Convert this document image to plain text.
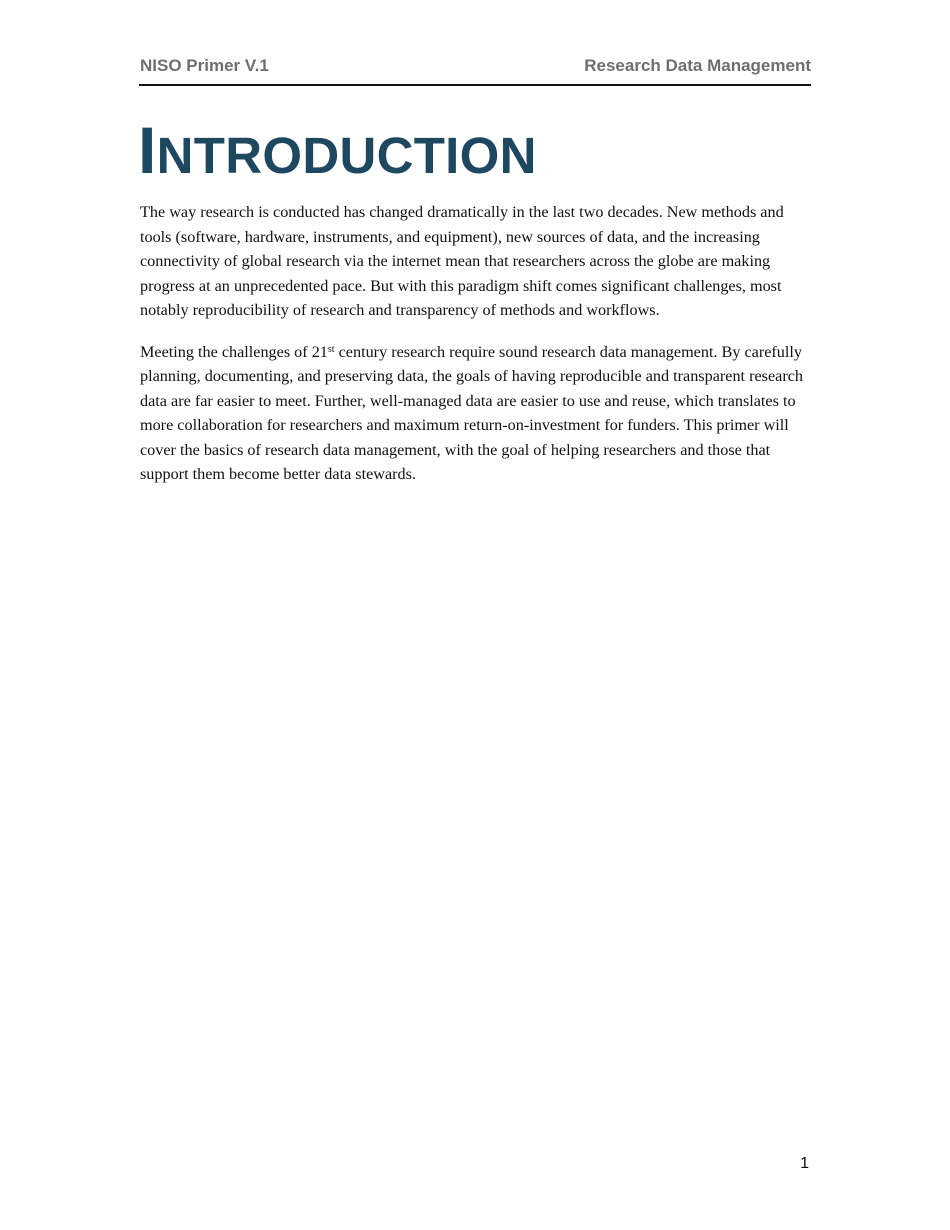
NISO Primer V.1	Research Data Management
INTRODUCTION

The way research is conducted has changed dramatically in the last two decades. New methods and tools (software, hardware, instruments, and equipment), new sources of data, and the increasing connectivity of global research via the internet mean that researchers across the globe are making progress at an unprecedented pace. But with this paradigm shift comes significant challenges, most notably reproducibility of research and transparency of methods and workflows.

Meeting the challenges of 21st century research require sound research data management. By carefully planning, documenting, and preserving data, the goals of having reproducible and transparent research data are far easier to meet. Further, well-managed data are easier to use and reuse, which translates to more collaboration for researchers and maximum return-on-investment for funders. This primer will cover the basics of research data management, with the goal of helping researchers and those that support them become better data stewards.

1
